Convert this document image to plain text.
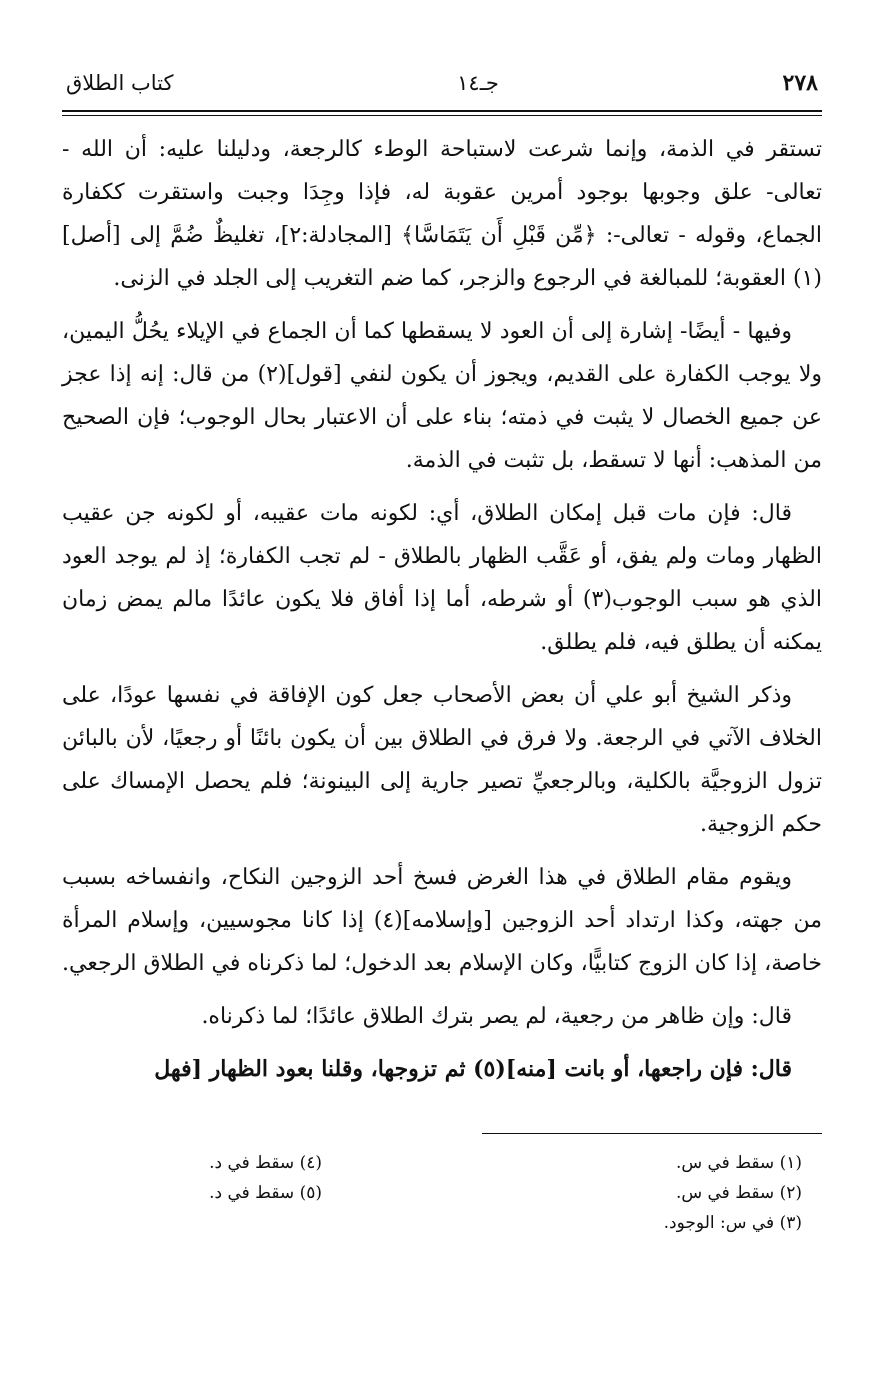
٢٧٨
جـ١٤
كتاب الطلاق

تستقر في الذمة، وإنما شرعت لاستباحة الوطء كالرجعة، ودليلنا عليه: أن الله - تعالى- علق وجوبها بوجود أمرين عقوبة له، فإذا وجِدَا وجبت واستقرت ككفارة الجماع، وقوله - تعالى-: ﴿مِّن قَبْلِ أَن يَتَمَاسَّا﴾ [المجادلة:٢]، تغليظٌ ضُمَّ إلى [أصل](١) العقوبة؛ للمبالغة في الرجوع والزجر، كما ضم التغريب إلى الجلد في الزنى.

وفيها - أيضًا- إشارة إلى أن العود لا يسقطها كما أن الجماع في الإيلاء يحُلُّ اليمين، ولا يوجب الكفارة على القديم، ويجوز أن يكون لنفي [قول](٢) من قال: إنه إذا عجز عن جميع الخصال لا يثبت في ذمته؛ بناء على أن الاعتبار بحال الوجوب؛ فإن الصحيح من المذهب: أنها لا تسقط، بل تثبت في الذمة.

قال: فإن مات قبل إمكان الطلاق، أي: لكونه مات عقيبه، أو لكونه جن عقيب الظهار ومات ولم يفق، أو عَقَّب الظهار بالطلاق - لم تجب الكفارة؛ إذ لم يوجد العود الذي هو سبب الوجوب(٣) أو شرطه، أما إذا أفاق فلا يكون عائدًا مالم يمض زمان يمكنه أن يطلق فيه، فلم يطلق.

وذكر الشيخ أبو علي أن بعض الأصحاب جعل كون الإفاقة في نفسها عودًا، على الخلاف الآتي في الرجعة. ولا فرق في الطلاق بين أن يكون بائنًا أو رجعيًا، لأن بالبائن تزول الزوجيَّة بالكلية، وبالرجعيِّ تصير جارية إلى البينونة؛ فلم يحصل الإمساك على حكم الزوجية.

ويقوم مقام الطلاق في هذا الغرض فسخ أحد الزوجين النكاح، وانفساخه بسبب من جهته، وكذا ارتداد أحد الزوجين [وإسلامه](٤) إذا كانا مجوسيين، وإسلام المرأة خاصة، إذا كان الزوج كتابيًّا، وكان الإسلام بعد الدخول؛ لما ذكرناه في الطلاق الرجعي.

قال: وإن ظاهر من رجعية، لم يصر بترك الطلاق عائدًا؛ لما ذكرناه.

قال: فإن راجعها، أو بانت [منه](٥) ثم تزوجها، وقلنا بعود الظهار [فهل

(١) سقط في س.
(٢) سقط في س.
(٣) في س: الوجود.
(٤) سقط في د.
(٥) سقط في د.
